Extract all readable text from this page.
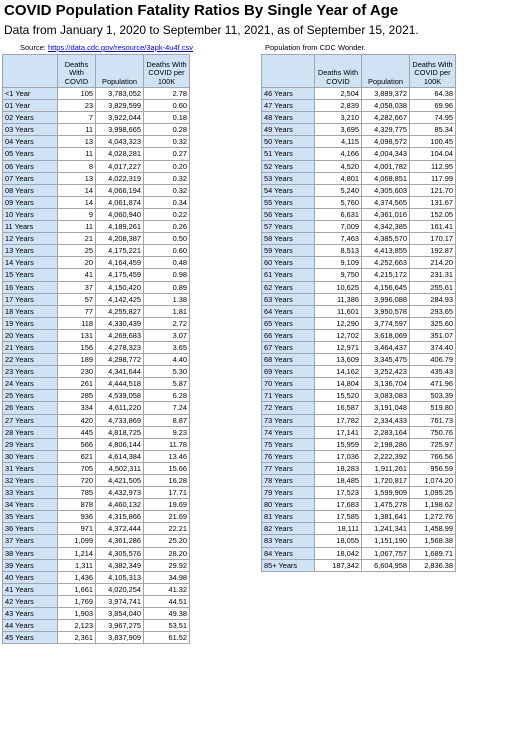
COVID Population Fatality Ratios By Single Year of Age
Data from January 1, 2020 to September 11, 2021, as of September 15, 2021.
Source: https://data.cdc.gov/resource/3apk-4u4f.csv	Population from CDC Wonder.
	Deaths With COVID	Population	Deaths With COVID per 100K
<1 Year	105	3,783,052	2.78
01 Year	23	3,829,599	0.60
02 Years	7	3,922,044	0.18
03 Years	11	3,998,665	0.28
04 Years	13	4,043,323	0.32
05 Years	11	4,028,281	0.27
06 Years	8	4,017,227	0.20
07 Years	13	4,022,319	0.32
08 Years	14	4,066,194	0.32
09 Years	14	4,061,874	0.34
10 Years	9	4,060,940	0.22
11 Years	11	4,189,261	0.26
12 Years	21	4,208,387	0.50
13 Years	25	4,175,221	0.60
14 Years	20	4,164,459	0.48
15 Years	41	4,175,459	0.98
16 Years	37	4,150,420	0.89
17 Years	57	4,142,425	1.38
18 Years	77	4,255,827	1.81
19 Years	118	4,330,439	2.72
20 Years	131	4,269,683	3.07
21 Years	156	4,278,323	3.65
22 Years	189	4,298,772	4.40
23 Years	230	4,341,644	5.30
24 Years	261	4,444,518	5.87
25 Years	285	4,539,058	6.28
26 Years	334	4,611,220	7.24
27 Years	420	4,733,869	8.87
28 Years	445	4,818,725	9.23
29 Years	566	4,806,144	11.78
30 Years	621	4,614,384	13.46
31 Years	705	4,502,311	15.66
32 Years	720	4,421,505	16.28
33 Years	785	4,432,973	17.71
34 Years	878	4,460,132	19.69
35 Years	936	4,315,866	21.69
36 Years	971	4,372,444	22.21
37 Years	1,099	4,361,286	25.20
38 Years	1,214	4,305,576	28.20
39 Years	1,311	4,382,349	29.92
40 Years	1,436	4,105,313	34.98
41 Years	1,661	4,020,254	41.32
42 Years	1,769	3,974,741	44.51
43 Years	1,903	3,854,040	49.38
44 Years	2,123	3,967,275	53.51
45 Years	2,361	3,837,909	61.52
	Deaths With COVID	Population	Deaths With COVID per 100K
46 Years	2,504	3,889,372	64.38
47 Years	2,839	4,058,038	69.96
48 Years	3,210	4,282,667	74.95
49 Years	3,695	4,329,775	85.34
50 Years	4,115	4,098,572	100.45
51 Years	4,166	4,004,343	104.04
52 Years	4,520	4,001,782	112.95
53 Years	4,801	4,068,851	117.99
54 Years	5,240	4,305,603	121.70
55 Years	5,760	4,374,565	131.67
56 Years	6,631	4,361,016	152.05
57 Years	7,009	4,342,385	161.41
58 Years	7,463	4,385,570	170.17
59 Years	8,513	4,413,855	192.87
60 Years	9,109	4,252,663	214.20
61 Years	9,750	4,215,172	231.31
62 Years	10,625	4,156,645	255.61
63 Years	11,386	3,996,088	284.93
64 Years	11,601	3,950,578	293.65
65 Years	12,290	3,774,597	325.60
66 Years	12,702	3,618,069	351.07
67 Years	12,971	3,464,437	374.40
68 Years	13,609	3,345,475	406.79
69 Years	14,162	3,252,423	435.43
70 Years	14,804	3,136,704	471.96
71 Years	15,520	3,083,083	503.39
72 Years	16,587	3,191,048	519.80
73 Years	17,782	2,334,433	761.73
74 Years	17,141	2,283,164	750.76
75 Years	15,959	2,198,286	725.97
76 Years	17,036	2,222,392	766.56
77 Years	18,283	1,911,261	956.59
78 Years	18,485	1,720,817	1,074.20
79 Years	17,523	1,599,909	1,095.25
80 Years	17,683	1,475,278	1,198.62
81 Years	17,585	1,381,641	1,272.76
82 Years	18,111	1,241,341	1,458.99
83 Years	18,055	1,151,190	1,568.38
84 Years	18,042	1,067,757	1,689.71
85+ Years	187,342	6,604,958	2,836.38
